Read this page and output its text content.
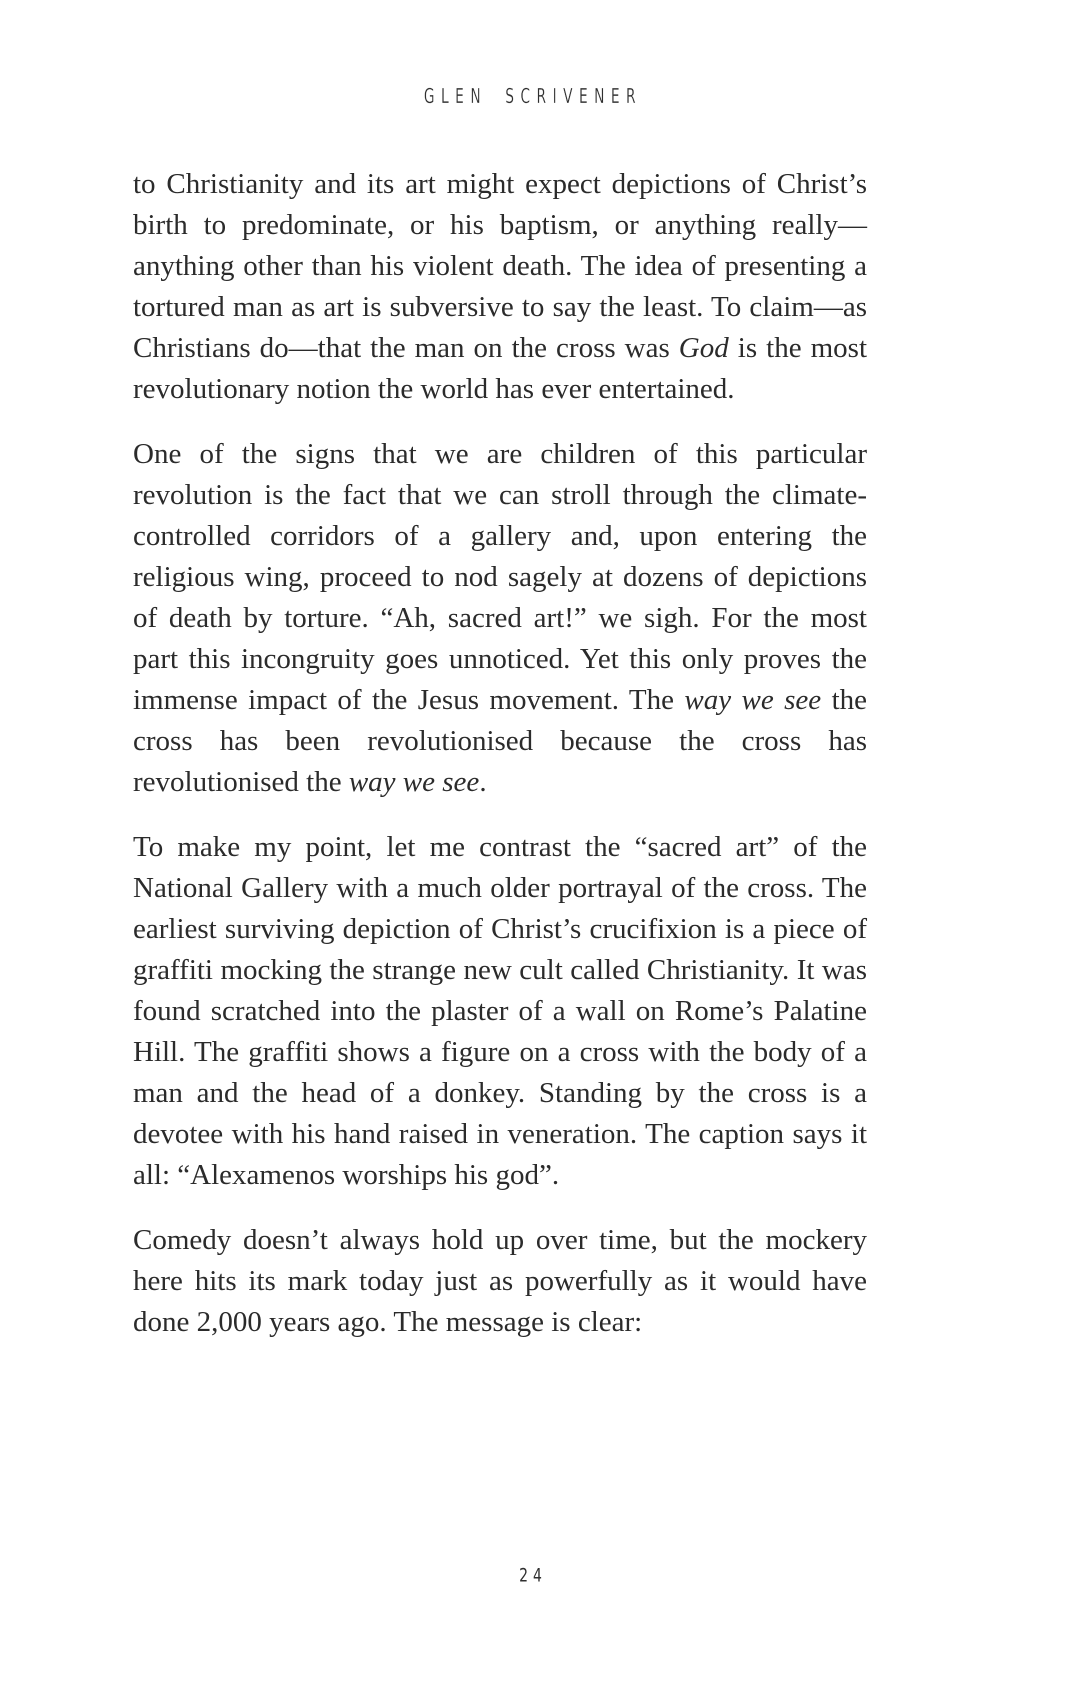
GLEN SCRIVENER

to Christianity and its art might expect depictions of Christ’s birth to predominate, or his baptism, or anything really—anything other than his violent death. The idea of presenting a tortured man as art is subversive to say the least. To claim—as Christians do—that the man on the cross was God is the most revolutionary notion the world has ever entertained.

One of the signs that we are children of this particular revolution is the fact that we can stroll through the climate-controlled corridors of a gallery and, upon entering the religious wing, proceed to nod sagely at dozens of depictions of death by torture. “Ah, sacred art!” we sigh. For the most part this incongruity goes unnoticed. Yet this only proves the immense impact of the Jesus movement. The way we see the cross has been revolutionised because the cross has revolutionised the way we see.

To make my point, let me contrast the “sacred art” of the National Gallery with a much older portrayal of the cross. The earliest surviving depiction of Christ’s crucifixion is a piece of graffiti mocking the strange new cult called Christianity. It was found scratched into the plaster of a wall on Rome’s Palatine Hill. The graffiti shows a figure on a cross with the body of a man and the head of a donkey. Standing by the cross is a devotee with his hand raised in veneration. The caption says it all: “Alexamenos worships his god”.

Comedy doesn’t always hold up over time, but the mockery here hits its mark today just as powerfully as it would have done 2,000 years ago. The message is clear:

24
